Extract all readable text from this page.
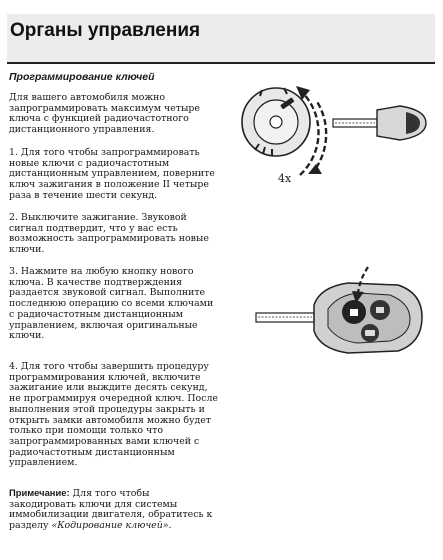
Органы управления
Программирование ключей

Для вашего автомобиля можно запрограммировать максимум четыре ключа с функцией радиочастотного дистанционного управления.

1. Для того чтобы запрограммировать новые ключи с радиочастотным дистанционным управлением, поверните ключ зажигания в положение II четыре раза в течение шести секунд.

2. Выключите зажигание. Звуковой сигнал подтвердит, что у вас есть возможность запрограммировать новые ключи.

3. Нажмите на любую кнопку нового ключа. В качестве подтверждения раздается звуковой сигнал. Выполните последнюю операцию со всеми ключами с радиочастотным дистанционным управлением, включая оригинальные ключи.

4. Для того чтобы завершить процедуру программирования ключей, включите зажигание или выждите десять секунд, не программируя очередной ключ. После выполнения этой процедуры закрыть и открыть замки автомобиля можно будет только при помощи только что запрограммированных вами ключей с радиочастотным дистанционным управлением.

Примечание: Для того чтобы закодировать ключи для системы иммобилизации двигателя, обратитесь к разделу «Кодирование ключей».

4x
